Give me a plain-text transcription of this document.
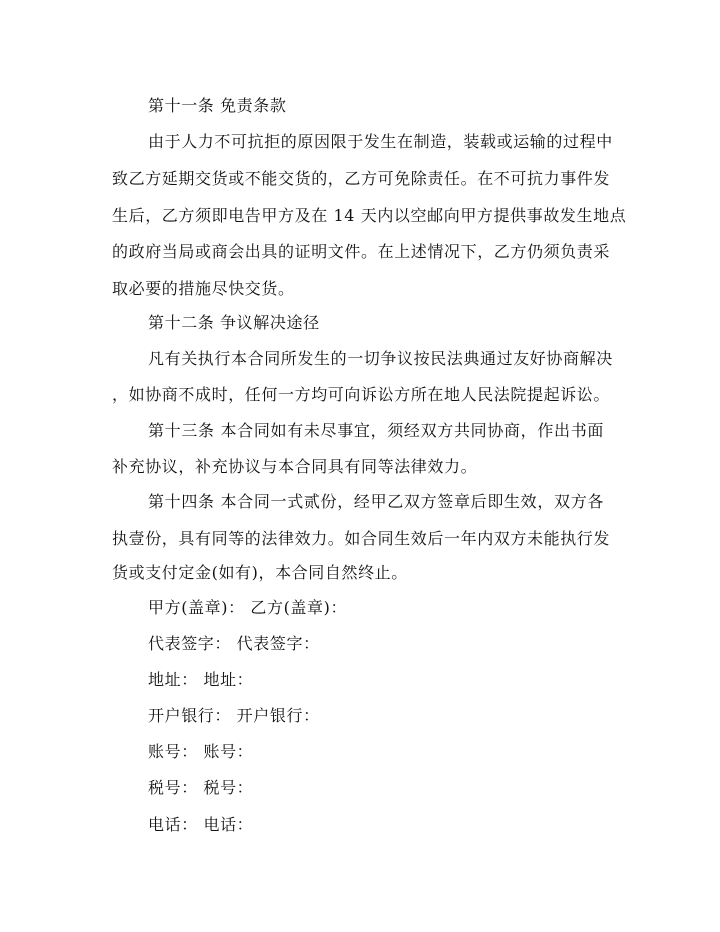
第十一条 免责条款
由于人力不可抗拒的原因限于发生在制造，装载或运输的过程中
致乙方延期交货或不能交货的，乙方可免除责任。在不可抗力事件发
生后，乙方须即电告甲方及在 14 天内以空邮向甲方提供事故发生地点
的政府当局或商会出具的证明文件。在上述情况下，乙方仍须负责采
取必要的措施尽快交货。
第十二条 争议解决途径
凡有关执行本合同所发生的一切争议按民法典通过友好协商解决
，如协商不成时，任何一方均可向诉讼方所在地人民法院提起诉讼。
第十三条 本合同如有未尽事宜，须经双方共同协商，作出书面
补充协议，补充协议与本合同具有同等法律效力。
第十四条 本合同一式贰份，经甲乙双方签章后即生效，双方各
执壹份，具有同等的法律效力。如合同生效后一年内双方未能执行发
货或支付定金(如有)，本合同自然终止。
甲方(盖章)： 乙方(盖章)：
代表签字： 代表签字：
地址： 地址：
开户银行： 开户银行：
账号： 账号：
税号： 税号：
电话： 电话：
